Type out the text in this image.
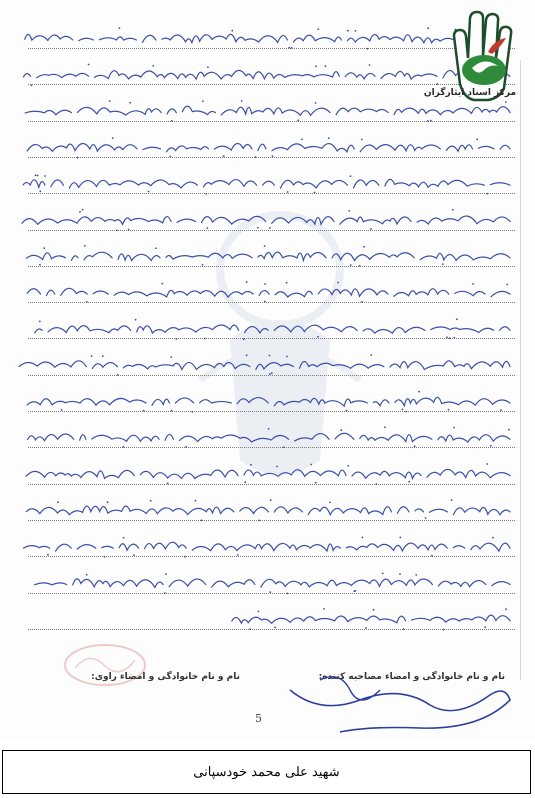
مرکز اسناد ایثارگران
نام و نام خانوادگی و امضاء مصاحبه کننده:
نام و نام خانوادگی و امضاء راوی:
5
شهید علی محمد خودسپانی
